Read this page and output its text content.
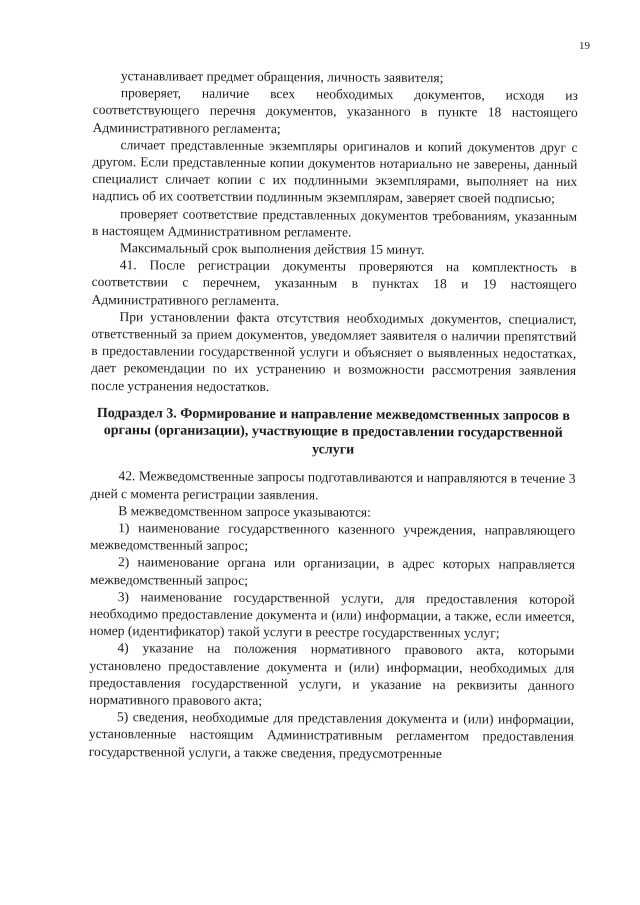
19

устанавливает предмет обращения, личность заявителя;

проверяет, наличие всех необходимых документов, исходя из соответствующего перечня документов, указанного в пункте 18 настоящего Административного регламента;

сличает представленные экземпляры оригиналов и копий документов друг с другом. Если представленные копии документов нотариально не заверены, данный специалист сличает копии с их подлинными экземплярами, выполняет на них надпись об их соответствии подлинным экземплярам, заверяет своей подписью;

проверяет соответствие представленных документов требованиям, указанным в настоящем Административном регламенте.

Максимальный срок выполнения действия 15 минут.

41. После регистрации документы проверяются на комплектность в соответствии с перечнем, указанным в пунктах 18 и 19 настоящего Административного регламента.

При установлении факта отсутствия необходимых документов, специалист, ответственный за прием документов, уведомляет заявителя о наличии препятствий в предоставлении государственной услуги и объясняет о выявленных недостатках, дает рекомендации по их устранению и возможности рассмотрения заявления после устранения недостатков.

Подраздел 3. Формирование и направление межведомственных запросов в органы (организации), участвующие в предоставлении государственной услуги

42. Межведомственные запросы подготавливаются и направляются в течение 3 дней с момента регистрации заявления.

В межведомственном запросе указываются:

1) наименование государственного казенного учреждения, направляющего межведомственный запрос;

2) наименование органа или организации, в адрес которых направляется межведомственный запрос;

3) наименование государственной услуги, для предоставления которой необходимо предоставление документа и (или) информации, а также, если имеется, номер (идентификатор) такой услуги в реестре государственных услуг;

4) указание на положения нормативного правового акта, которыми установлено предоставление документа и (или) информации, необходимых для предоставления государственной услуги, и указание на реквизиты данного нормативного правового акта;

5) сведения, необходимые для представления документа и (или) информации, установленные настоящим Административным регламентом предоставления государственной услуги, а также сведения, предусмотренные
